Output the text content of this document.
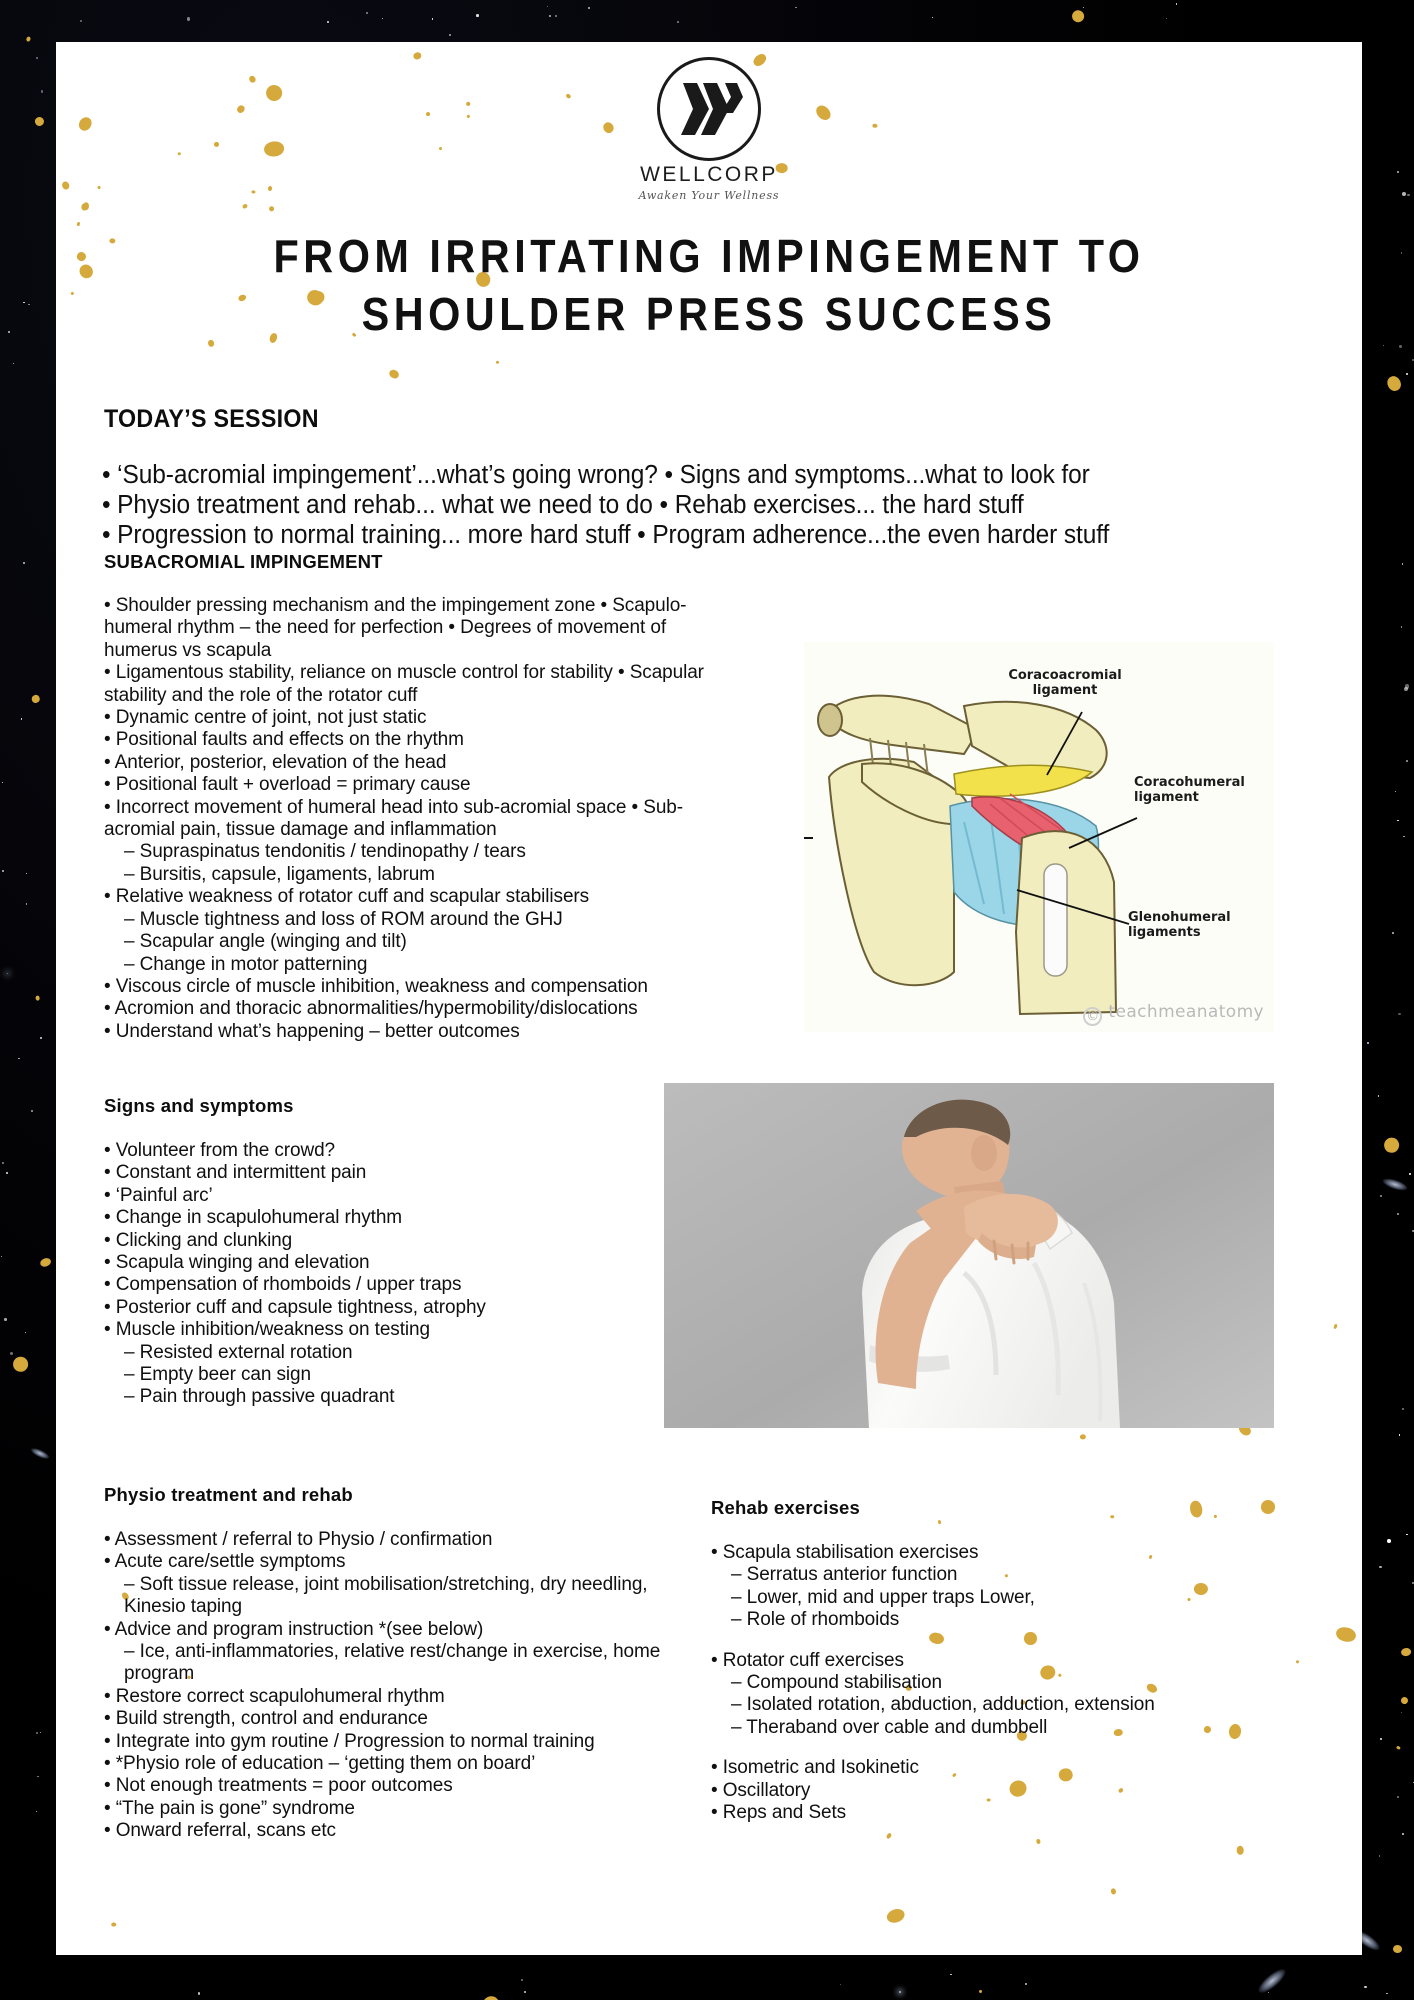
WELLCORP
Awaken Your Wellness
FROM IRRITATING IMPINGEMENT TO
SHOULDER PRESS SUCCESS
TODAY’S SESSION
• ‘Sub-acromial impingement’...what’s going wrong? • Signs and symptoms...what to look for
• Physio treatment and rehab... what we need to do • Rehab exercises... the hard stuff
• Progression to normal training... more hard stuff • Program adherence...the even harder stuff
SUBACROMIAL IMPINGEMENT
• Shoulder pressing mechanism and the impingement zone • Scapulo-humeral rhythm – the need for perfection • Degrees of movement of humerus vs scapula
• Ligamentous stability, reliance on muscle control for stability • Scapular stability and the role of the rotator cuff
• Dynamic centre of joint, not just static
• Positional faults and effects on the rhythm
• Anterior, posterior, elevation of the head
• Positional fault + overload = primary cause
• Incorrect movement of humeral head into sub-acromial space • Sub-acromial pain, tissue damage and inflammation
– Supraspinatus tendonitis / tendinopathy / tears
– Bursitis, capsule, ligaments, labrum
• Relative weakness of rotator cuff and scapular stabilisers
– Muscle tightness and loss of ROM around the GHJ
– Scapular angle (winging and tilt)
– Change in motor patterning
• Viscous circle of muscle inhibition, weakness and compensation
• Acromion and thoracic abnormalities/hypermobility/dislocations
• Understand what’s happening – better outcomes
Coracoacromial ligament
Coracohumeral ligament
Glenohumeral ligaments
© teachmeanatomy
Signs and symptoms
• Volunteer from the crowd?
• Constant and intermittent pain
• ‘Painful arc’
• Change in scapulohumeral rhythm
• Clicking and clunking
• Scapula winging and elevation
• Compensation of rhomboids / upper traps
• Posterior cuff and capsule tightness, atrophy
• Muscle inhibition/weakness on testing
– Resisted external rotation
– Empty beer can sign
– Pain through passive quadrant
Physio treatment and rehab
• Assessment / referral to Physio / confirmation
• Acute care/settle symptoms
– Soft tissue release, joint mobilisation/stretching, dry needling, Kinesio taping
• Advice and program instruction *(see below)
– Ice, anti-inflammatories, relative rest/change in exercise, home program
• Restore correct scapulohumeral rhythm
• Build strength, control and endurance
• Integrate into gym routine / Progression to normal training
• *Physio role of education – ‘getting them on board’
• Not enough treatments = poor outcomes
• “The pain is gone” syndrome
• Onward referral, scans etc
Rehab exercises
• Scapula stabilisation exercises
– Serratus anterior function
– Lower, mid and upper traps Lower,
– Role of rhomboids
• Rotator cuff exercises
– Compound stabilisation
– Isolated rotation, abduction, adduction, extension
– Theraband over cable and dumbbell
• Isometric and Isokinetic
• Oscillatory
• Reps and Sets
